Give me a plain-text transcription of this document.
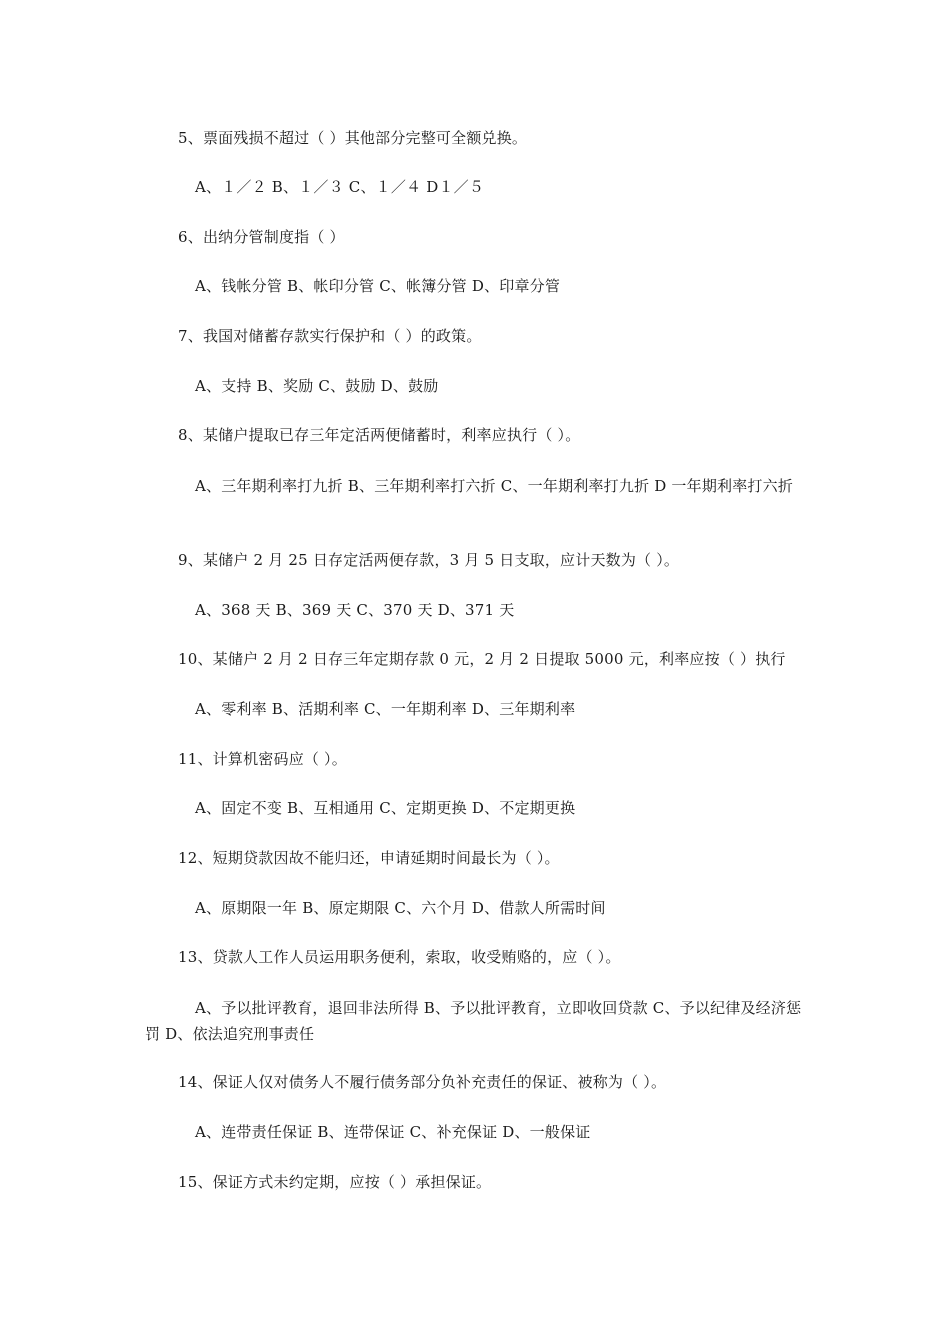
5、票面残损不超过（ ）其他部分完整可全额兑换。
A、１／２ B、１／３ C、１／４ D１／５
6、出纳分管制度指（ ）
A、钱帐分管 B、帐印分管 C、帐簿分管 D、印章分管
7、我国对储蓄存款实行保护和（ ）的政策。
A、支持 B、奖励 C、鼓励 D、鼓励
8、某储户提取已存三年定活两便储蓄时，利率应执行（ ）。
A、三年期利率打九折 B、三年期利率打六折 C、一年期利率打九折 D 一年期利率打六折
9、某储户 2 月 25 日存定活两便存款，3 月 5 日支取，应计天数为（ ）。
A、368 天 B、369 天 C、370 天 D、371 天
10、某储户 2 月 2 日存三年定期存款 0 元，2 月 2 日提取 5000 元，利率应按（ ）执行
A、零利率 B、活期利率 C、一年期利率 D、三年期利率
11、计算机密码应（ ）。
A、固定不变 B、互相通用 C、定期更换 D、不定期更换
12、短期贷款因故不能归还，申请延期时间最长为（ ）。
A、原期限一年 B、原定期限 C、六个月 D、借款人所需时间
13、贷款人工作人员运用职务便利，索取，收受贿赂的，应（ ）。
A、予以批评教育，退回非法所得 B、予以批评教育，立即收回贷款 C、予以纪律及经济惩罚 D、依法追究刑事责任
14、保证人仅对债务人不履行债务部分负补充责任的保证、被称为（ ）。
A、连带责任保证 B、连带保证 C、补充保证 D、一般保证
15、保证方式未约定期，应按（ ）承担保证。
